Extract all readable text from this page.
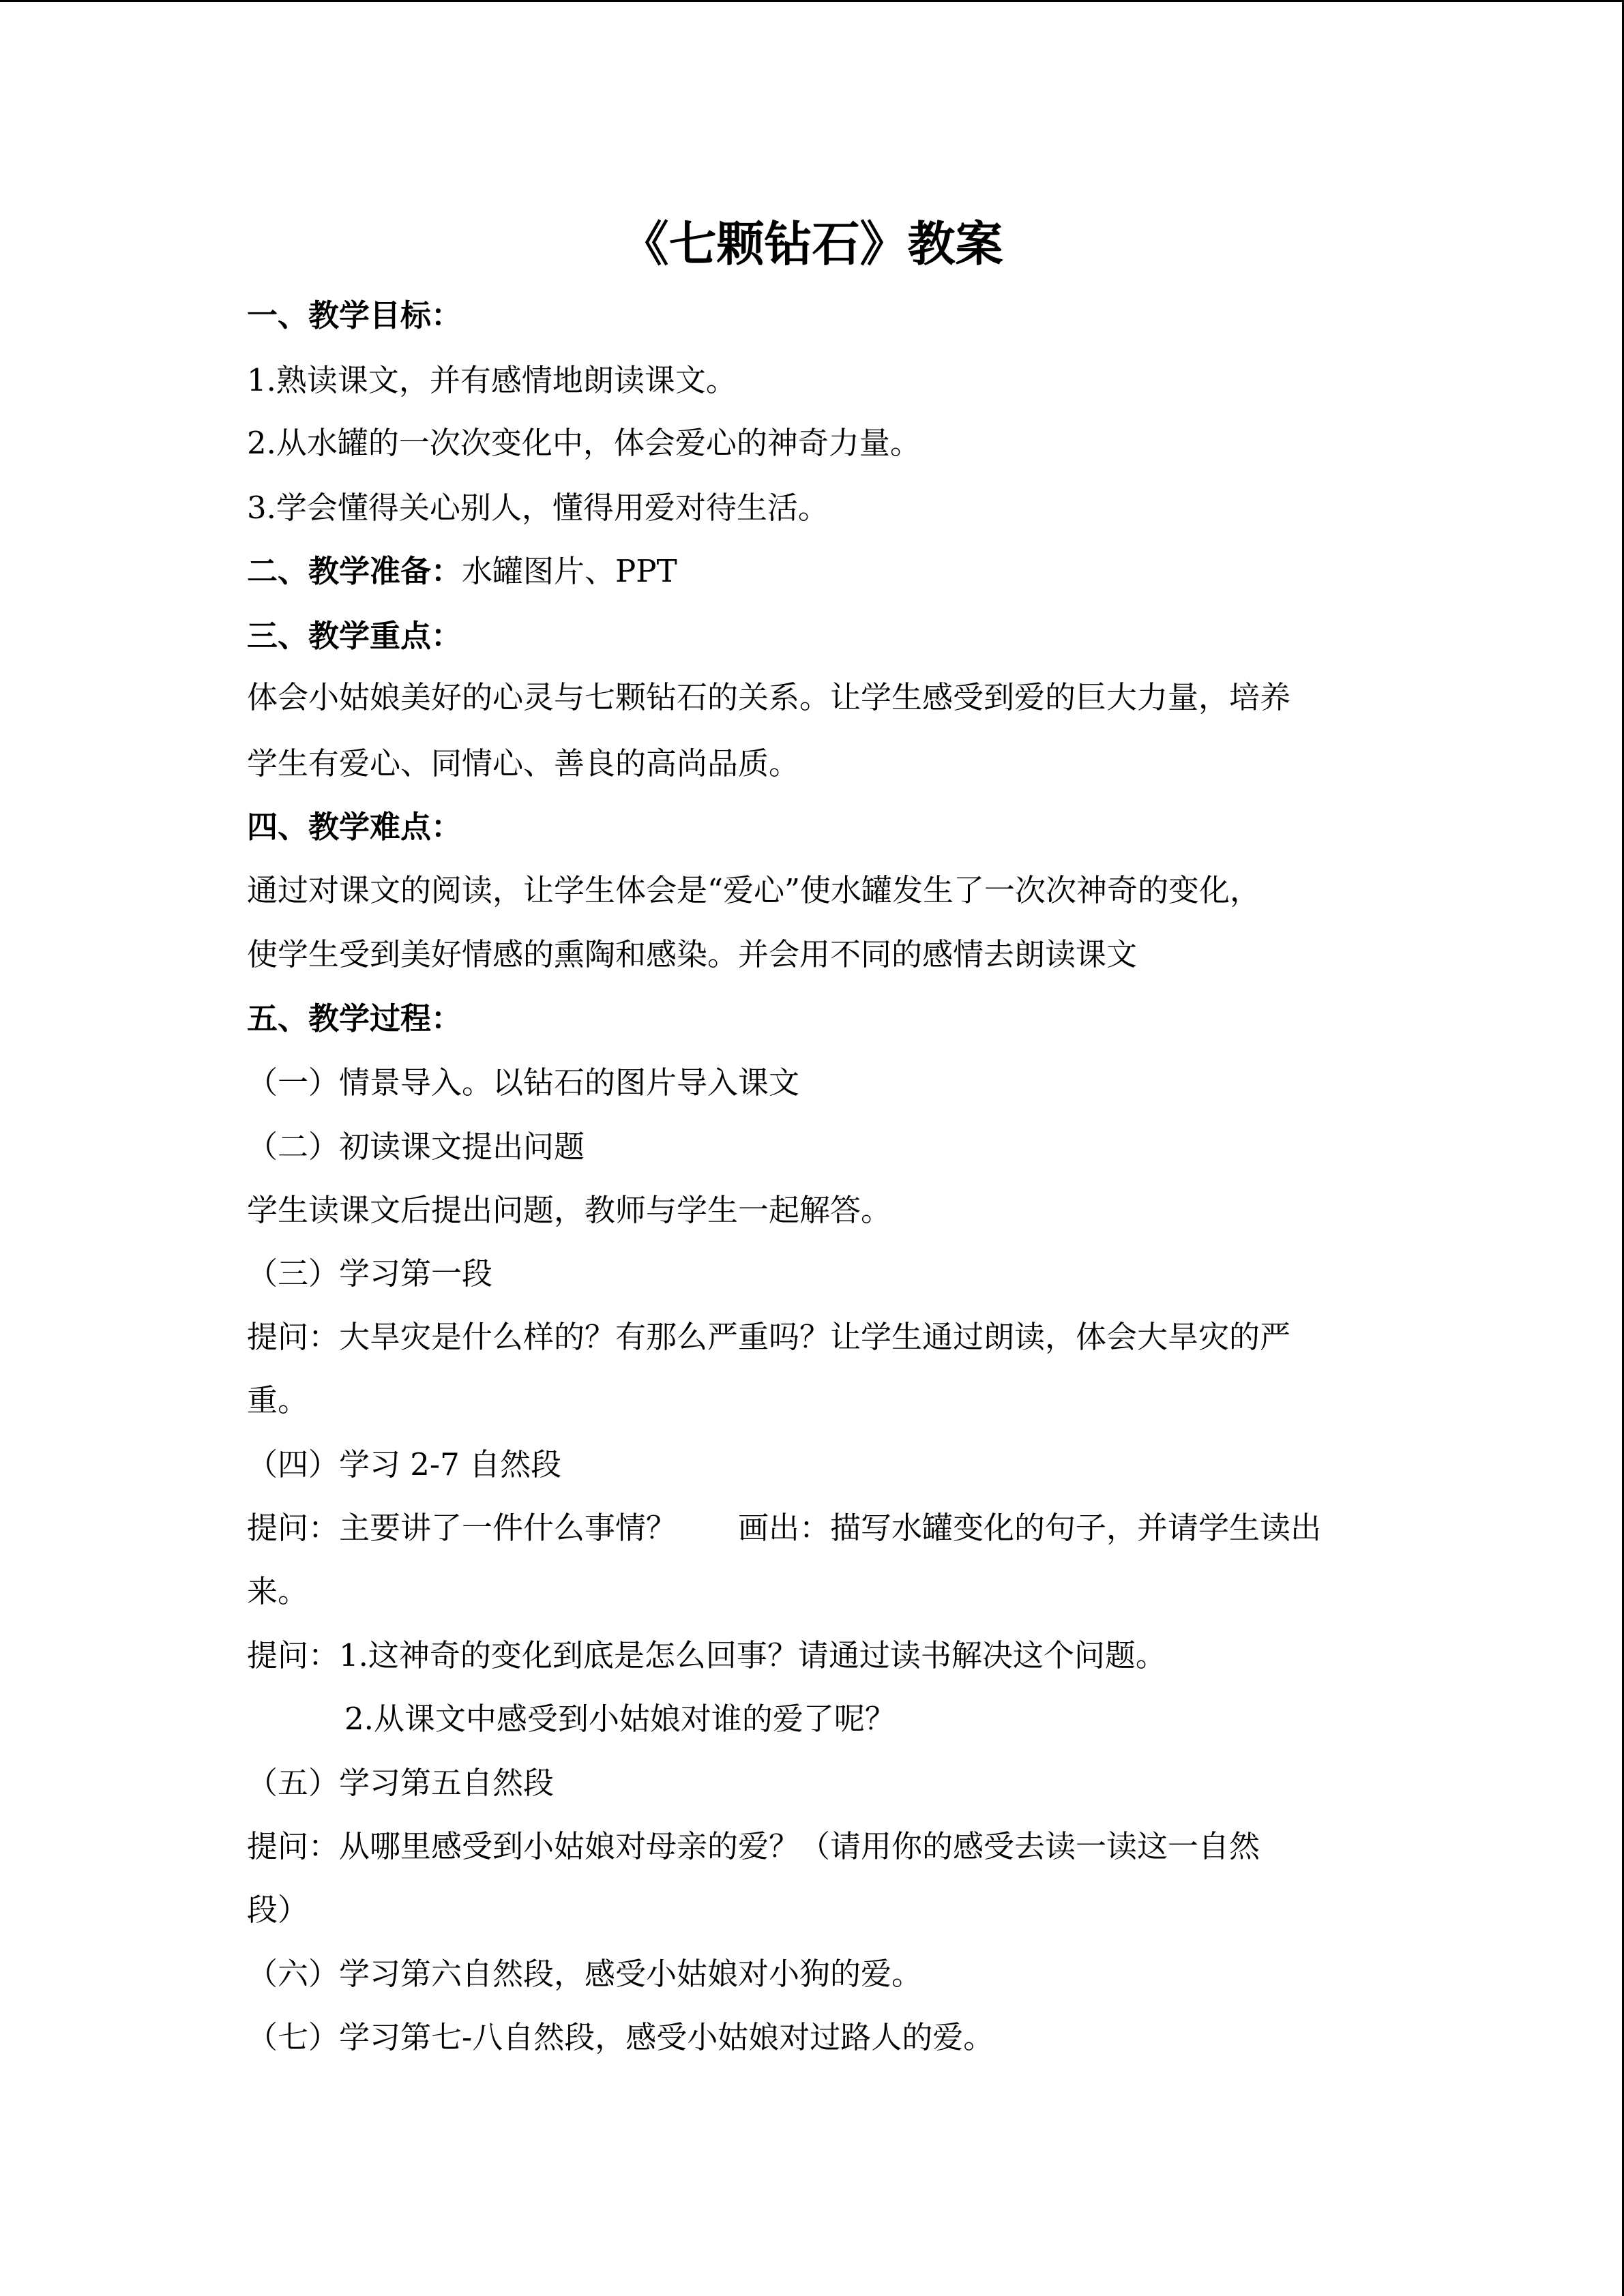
《七颗钻石》教案
一、教学目标：
1.熟读课文，并有感情地朗读课文。
2.从水罐的一次次变化中，体会爱心的神奇力量。
3.学会懂得关心别人，懂得用爱对待生活。
二、教学准备：水罐图片、PPT
三、教学重点：
体会小姑娘美好的心灵与七颗钻石的关系。让学生感受到爱的巨大力量，培养
学生有爱心、同情心、善良的高尚品质。
四、教学难点：
通过对课文的阅读，让学生体会是“爱心”使水罐发生了一次次神奇的变化，
使学生受到美好情感的熏陶和感染。并会用不同的感情去朗读课文
五、教学过程：
（一）情景导入。以钻石的图片导入课文
（二）初读课文提出问题
学生读课文后提出问题，教师与学生一起解答。
（三）学习第一段
提问：大旱灾是什么样的？有那么严重吗？让学生通过朗读，体会大旱灾的严
重。
（四）学习 2-7 自然段
提问：主要讲了一件什么事情？ 画出：描写水罐变化的句子，并请学生读出
来。
提问：1.这神奇的变化到底是怎么回事？请通过读书解决这个问题。
2.从课文中感受到小姑娘对谁的爱了呢？
（五）学习第五自然段
提问：从哪里感受到小姑娘对母亲的爱？（请用你的感受去读一读这一自然
段）
（六）学习第六自然段，感受小姑娘对小狗的爱。
（七）学习第七-八自然段，感受小姑娘对过路人的爱。
